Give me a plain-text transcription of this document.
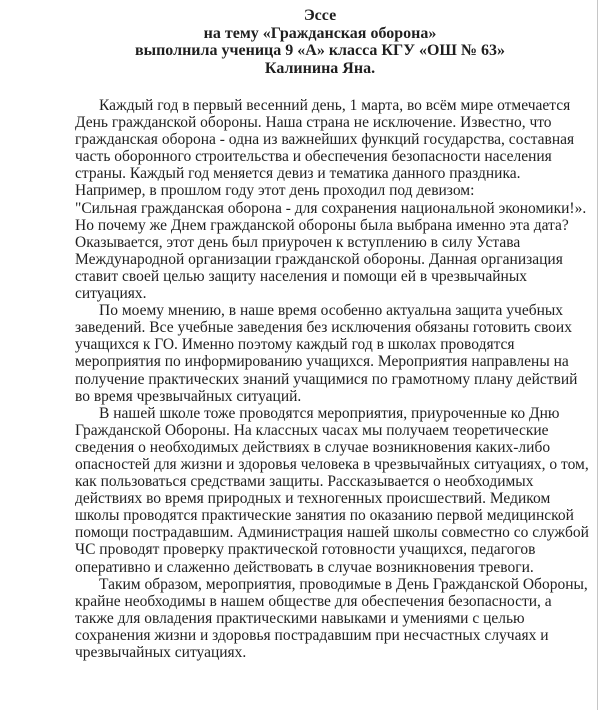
Эссе
на тему «Гражданская оборона»
выполнила ученица 9 «А» класса КГУ «ОШ № 63»
Калинина Яна.
Каждый год в первый весенний день, 1 марта, во всём мире отмечается
День гражданской обороны. Наша страна не исключение. Известно, что
гражданская оборона - одна из важнейших функций государства, составная
часть оборонного строительства и обеспечения безопасности населения
страны. Каждый год меняется девиз и тематика данного праздника.
Например, в прошлом году этот день проходил под девизом:
"Сильная гражданская оборона - для сохранения национальной экономики!».
Но почему же Днем гражданской обороны была выбрана именно эта дата?
Оказывается, этот день был приурочен к вступлению в силу Устава
Международной организации гражданской обороны. Данная организация
ставит своей целью защиту населения и помощи ей в чрезвычайных
ситуациях.
По моему мнению, в наше время особенно актуальна защита учебных
заведений. Все учебные заведения без исключения обязаны готовить своих
учащихся к ГО. Именно поэтому каждый год в школах проводятся
мероприятия по информированию учащихся. Мероприятия направлены на
получение практических знаний учащимися по грамотному плану действий
во время чрезвычайных ситуаций.
В нашей школе тоже проводятся мероприятия, приуроченные ко Дню
Гражданской Обороны. На классных часах мы получаем теоретические
сведения о необходимых действиях в случае возникновения каких-либо
опасностей для жизни и здоровья человека в чрезвычайных ситуациях, о том,
как пользоваться средствами защиты. Рассказывается о необходимых
действиях во время природных и техногенных происшествий. Медиком
школы проводятся практические занятия по оказанию первой медицинской
помощи пострадавшим. Администрация нашей школы совместно со службой
ЧС проводят проверку практической готовности учащихся, педагогов
оперативно и слаженно действовать в случае возникновения тревоги.
Таким образом, мероприятия, проводимые в День Гражданской Обороны,
крайне необходимы в нашем обществе для обеспечения безопасности, а
также для овладения практическими навыками и умениями с целью
сохранения жизни и здоровья пострадавшим при несчастных случаях и
чрезвычайных ситуациях.
